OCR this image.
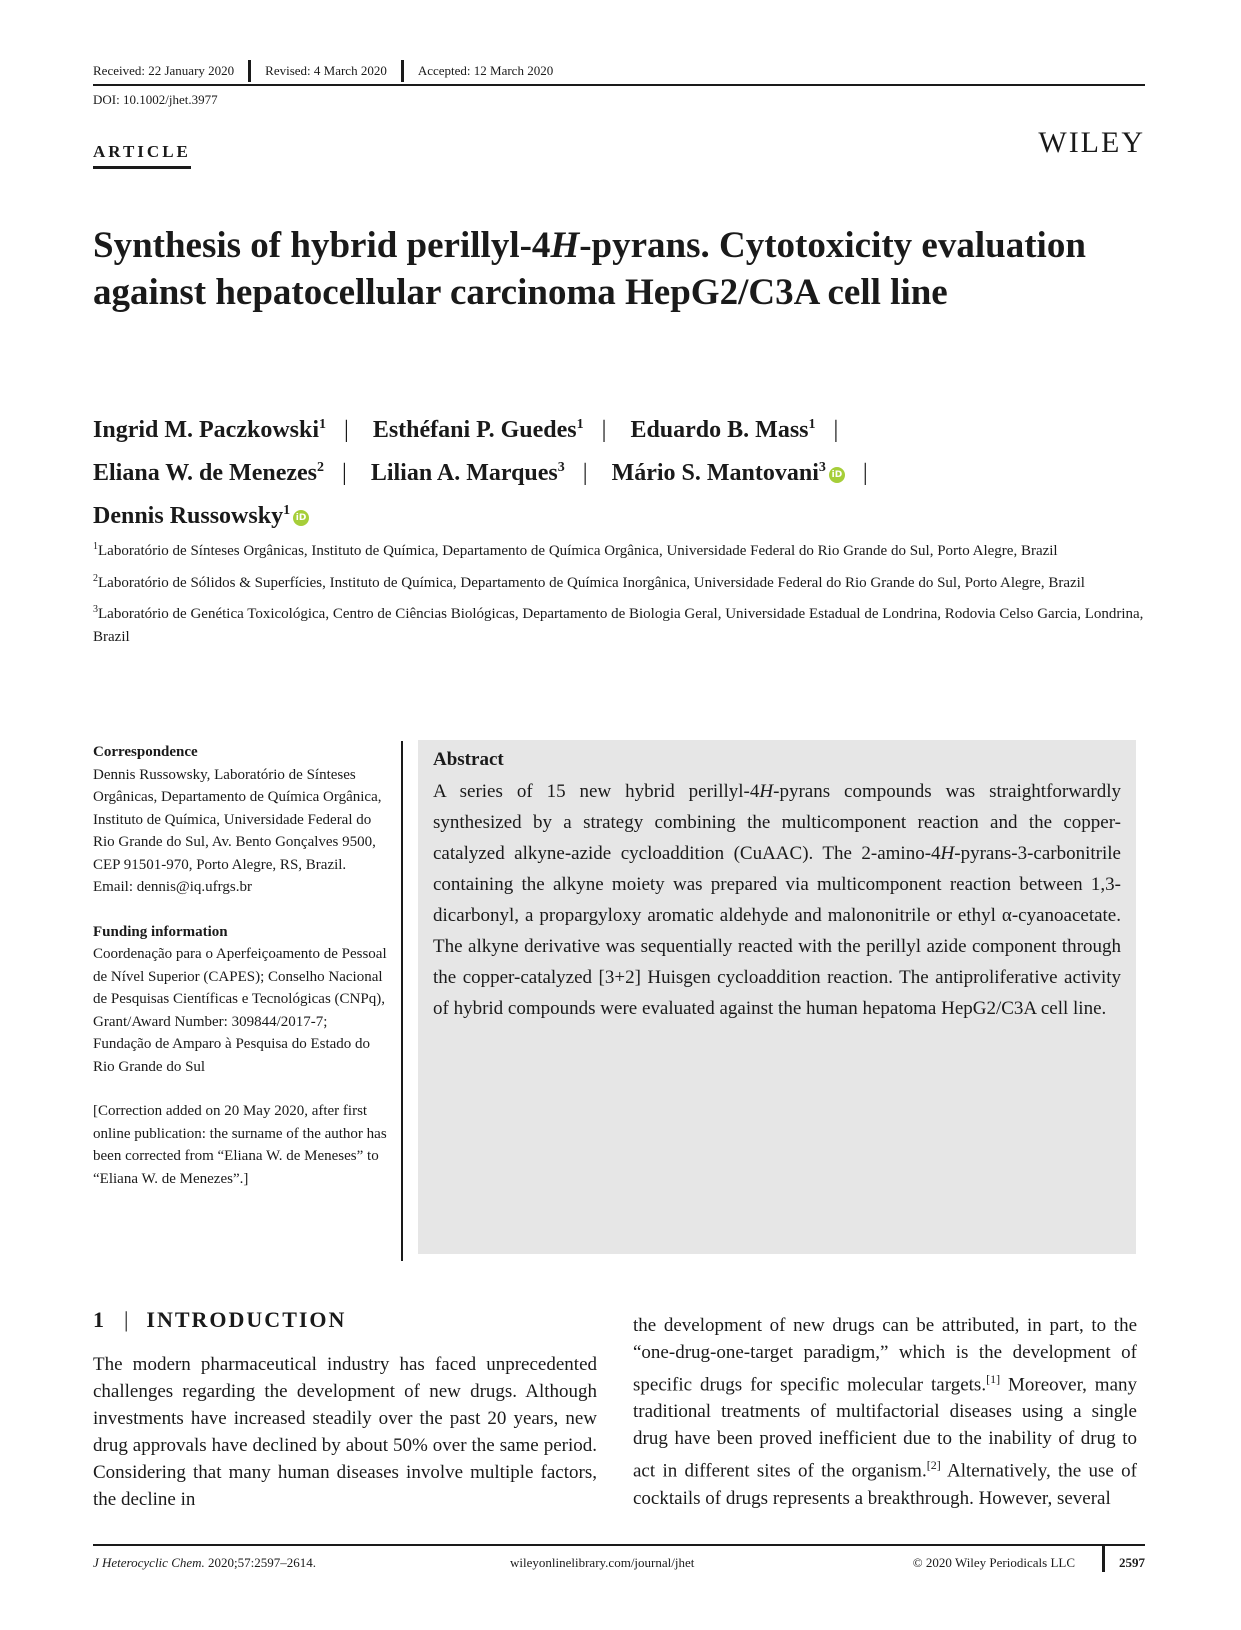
Received: 22 January 2020	Revised: 4 March 2020	Accepted: 12 March 2020
DOI: 10.1002/jhet.3977
ARTICLE	WILEY
Synthesis of hybrid perillyl-4H-pyrans. Cytotoxicity evaluation against hepatocellular carcinoma HepG2/C3A cell line
Ingrid M. Paczkowski$^1$ | Esthéfani P. Guedes$^1$ | Eduardo B. Mass$^1$ |
Eliana W. de Menezes$^2$ | Lilian A. Marques$^3$ | Mário S. Mantovani$^3$ iD |
Dennis Russowsky$^1$ iD

$^1$Laboratório de Sínteses Orgânicas, Instituto de Química, Departamento de Química Orgânica, Universidade Federal do Rio Grande do Sul, Porto Alegre, Brazil

$^2$Laboratório de Sólidos & Superfícies, Instituto de Química, Departamento de Química Inorgânica, Universidade Federal do Rio Grande do Sul, Porto Alegre, Brazil

$^3$Laboratório de Genética Toxicológica, Centro de Ciências Biológicas, Departamento de Biologia Geral, Universidade Estadual de Londrina, Rodovia Celso Garcia, Londrina, Brazil

Correspondence
Dennis Russowsky, Laboratório de Sínteses Orgânicas, Departamento de Química Orgânica, Instituto de Química, Universidade Federal do Rio Grande do Sul, Av. Bento Gonçalves 9500, CEP 91501-970, Porto Alegre, RS, Brazil.
Email: dennis@iq.ufrgs.br
Funding information
Coordenação para o Aperfeiçoamento de Pessoal de Nível Superior (CAPES); Conselho Nacional de Pesquisas Científicas e Tecnológicas (CNPq), Grant/Award Number: 309844/2017-7; Fundação de Amparo à Pesquisa do Estado do Rio Grande do Sul
[Correction added on 20 May 2020, after first online publication: the surname of the author has been corrected from “Eliana W. de Meneses” to “Eliana W. de Menezes”.]
Abstract

A series of 15 new hybrid perillyl-4H-pyrans compounds was straightforwardly synthesized by a strategy combining the multicomponent reaction and the copper-catalyzed alkyne-azide cycloaddition (CuAAC). The 2-amino-4H-pyrans-3-carbonitrile containing the alkyne moiety was prepared via multicomponent reaction between 1,3-dicarbonyl, a propargyloxy aromatic aldehyde and malononitrile or ethyl α-cyanoacetate. The alkyne derivative was sequentially reacted with the perillyl azide component through the copper-catalyzed [3+2] Huisgen cycloaddition reaction. The antiproliferative activity of hybrid compounds were evaluated against the human hepatoma HepG2/C3A cell line.

1 | INTRODUCTION

The modern pharmaceutical industry has faced unprecedented challenges regarding the development of new drugs. Although investments have increased steadily over the past 20 years, new drug approvals have declined by about 50% over the same period. Considering that many human diseases involve multiple factors, the decline in

the development of new drugs can be attributed, in part, to the “one-drug-one-target paradigm,” which is the development of specific drugs for specific molecular targets.[1] Moreover, many traditional treatments of multifactorial diseases using a single drug have been proved inefficient due to the inability of drug to act in different sites of the organism.[2] Alternatively, the use of cocktails of drugs represents a breakthrough. However, several

J Heterocyclic Chem. 2020;57:2597–2614.	wileyonlinelibrary.com/journal/jhet	© 2020 Wiley Periodicals LLC	2597
